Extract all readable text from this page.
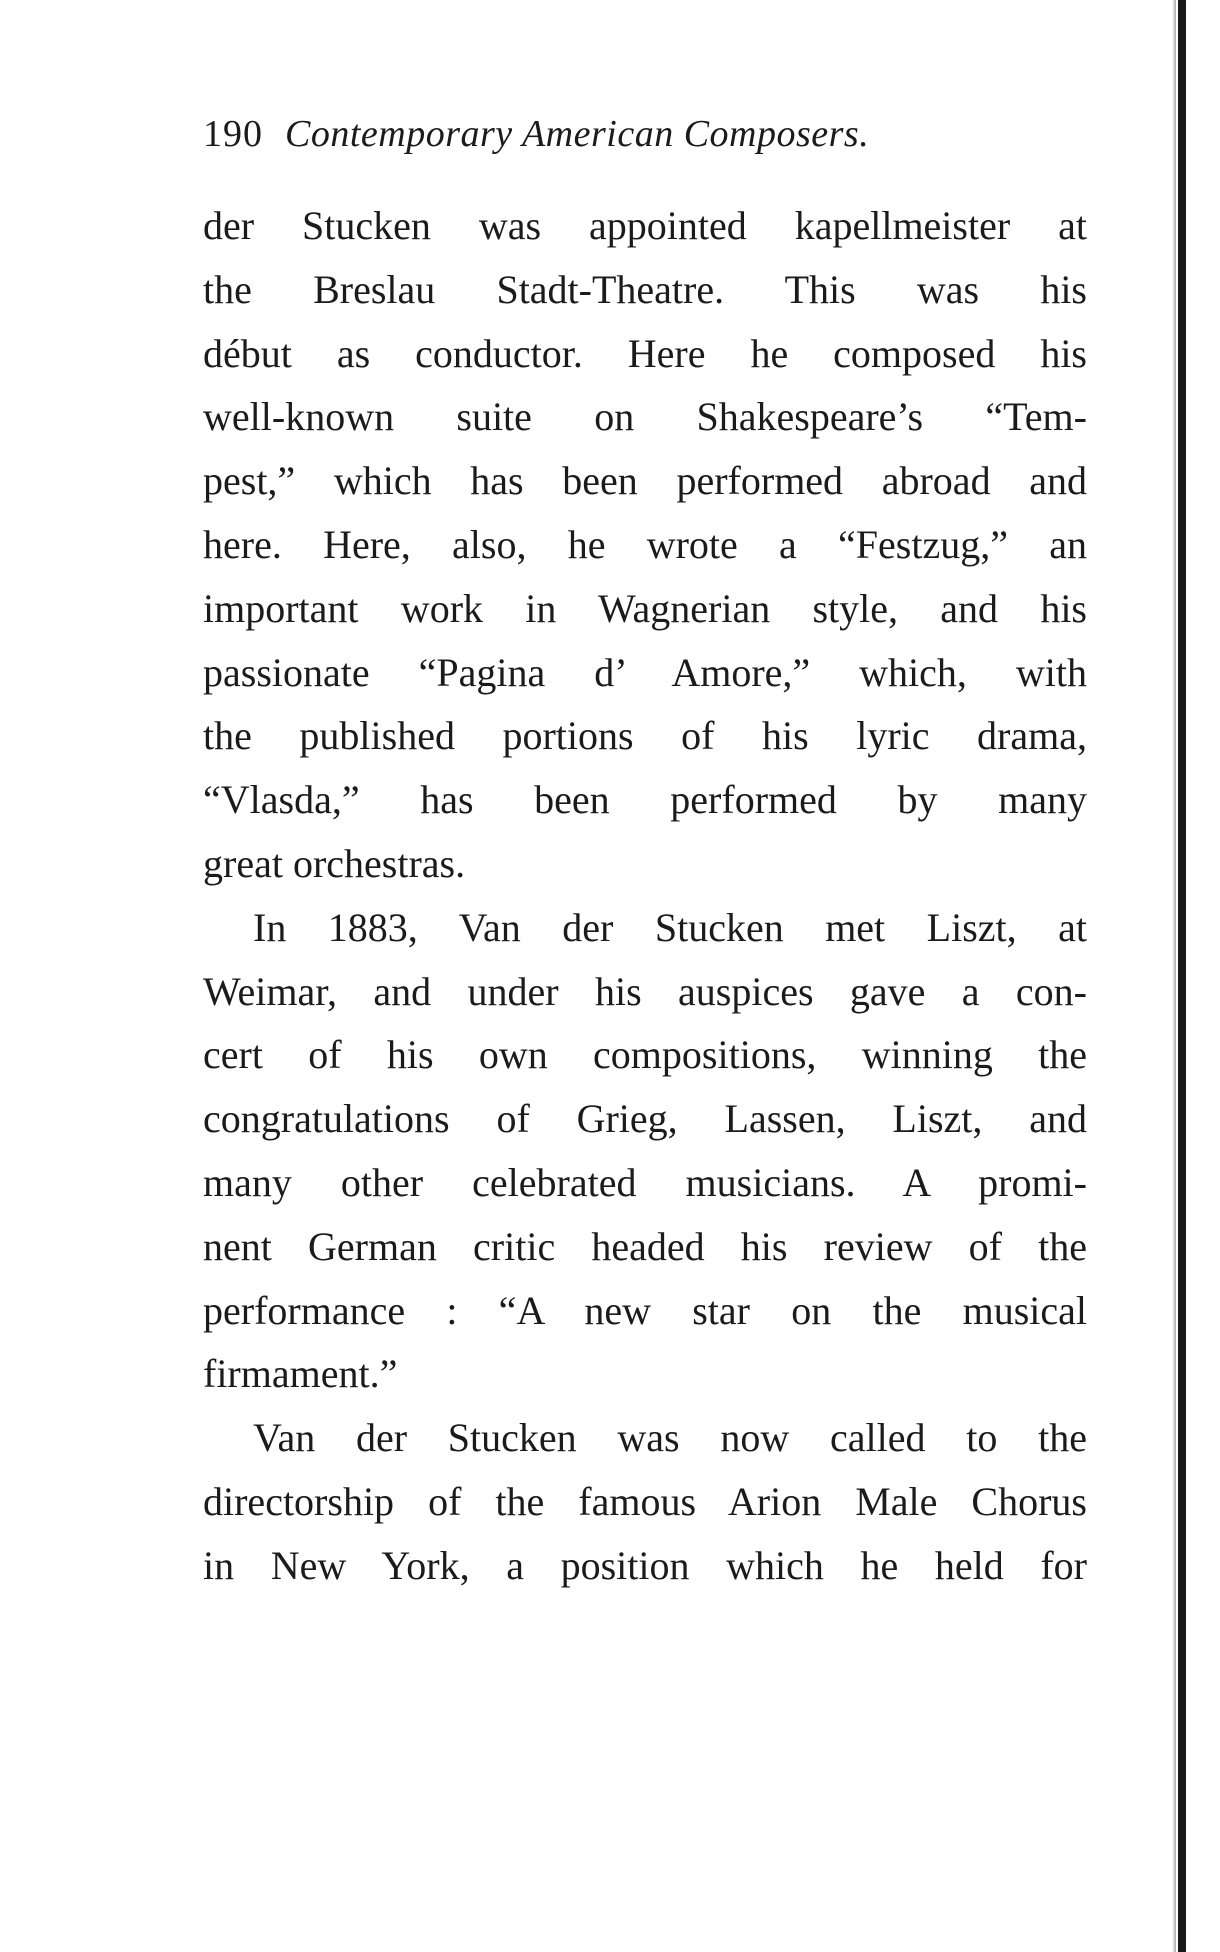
190 Contemporary American Composers.
der Stucken was appointed kapellmeister at
the Breslau Stadt-Theatre. This was his
début as conductor. Here he composed his
well-known suite on Shakespeare’s “Tem-
pest,” which has been performed abroad and
here. Here, also, he wrote a “Festzug,” an
important work in Wagnerian style, and his
passionate “Pagina d’ Amore,” which, with
the published portions of his lyric drama,
“Vlasda,” has been performed by many
great orchestras.
In 1883, Van der Stucken met Liszt, at
Weimar, and under his auspices gave a con-
cert of his own compositions, winning the
congratulations of Grieg, Lassen, Liszt, and
many other celebrated musicians. A promi-
nent German critic headed his review of the
performance : “A new star on the musical
firmament.”
Van der Stucken was now called to the
directorship of the famous Arion Male Chorus
in New York, a position which he held for
